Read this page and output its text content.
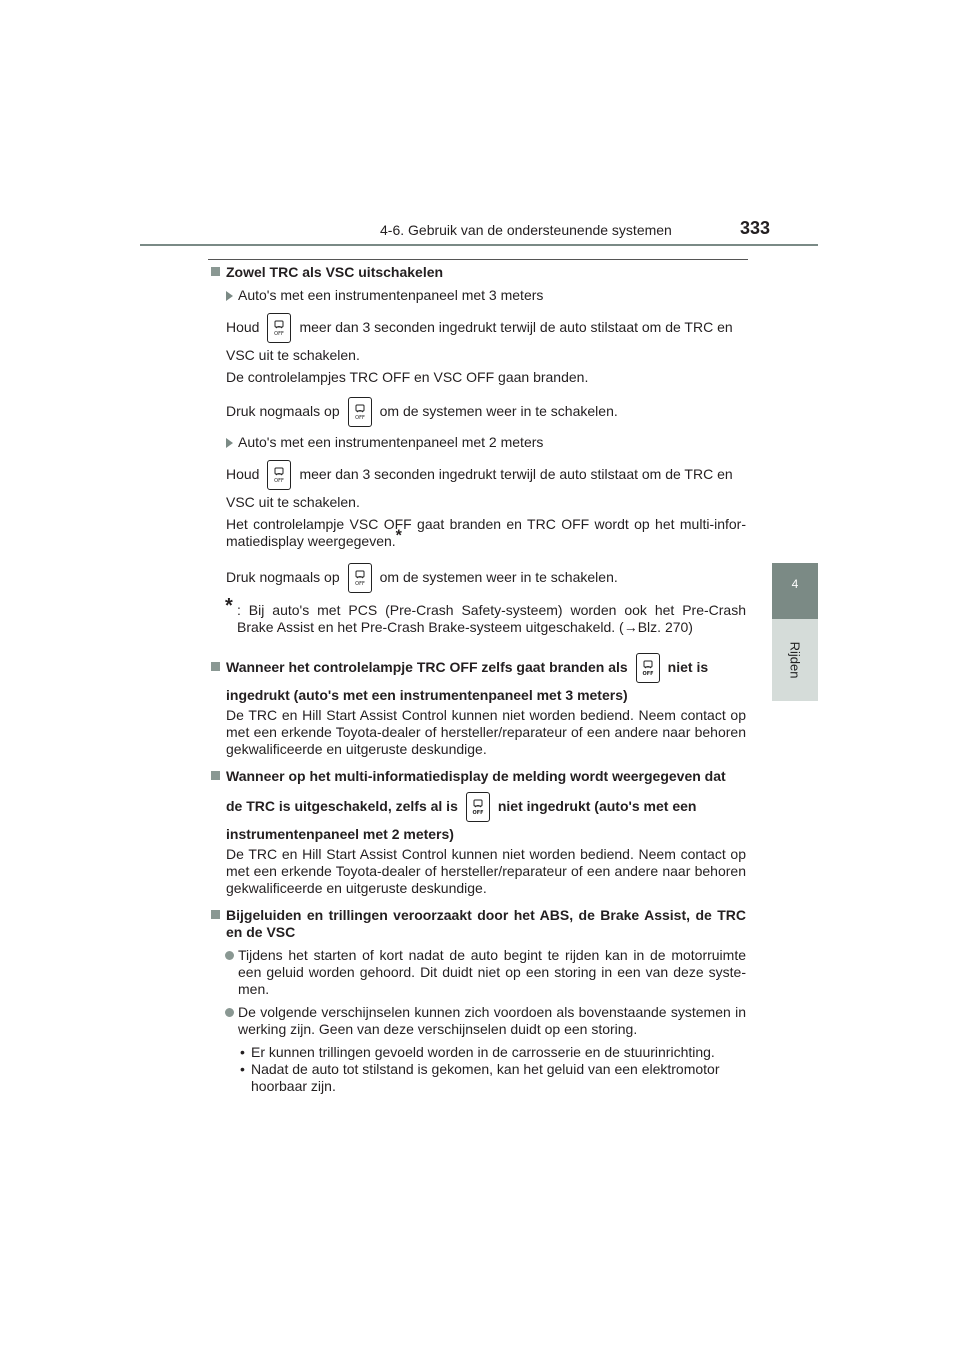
4-6. Gebruik van de ondersteunende systemen	333
4
Rijden

Zowel TRC als VSC uitschakelen

Auto's met een instrumentenpaneel met 3 meters

Houd	OFF meer dan 3 seconden ingedrukt terwijl de auto stilstaat om de TRC en

VSC uit te schakelen.

De controlelampjes TRC OFF en VSC OFF gaan branden.

Druk nogmaals op	OFF om de systemen weer in te schakelen.

Auto's met een instrumentenpaneel met 2 meters

Houd	OFF meer dan 3 seconden ingedrukt terwijl de auto stilstaat om de TRC en

VSC uit te schakelen.

Het controlelampje VSC OFF gaat branden en TRC OFF wordt op het multi-infor-matiedisplay weergegeven.*

Druk nogmaals op	OFF om de systemen weer in te schakelen.

* : Bij auto's met PCS (Pre-Crash Safety-systeem) worden ook het Pre-Crash Brake Assist en het Pre-Crash Brake-systeem uitgeschakeld. (→Blz. 270)

Wanneer het controlelampje TRC OFF zelfs gaat branden als	OFF niet is

ingedrukt (auto's met een instrumentenpaneel met 3 meters)

De TRC en Hill Start Assist Control kunnen niet worden bediend. Neem contact op met een erkende Toyota-dealer of hersteller/reparateur of een andere naar behoren gekwalificeerde en uitgeruste deskundige.

Wanneer op het multi-informatiedisplay de melding wordt weergegeven dat

de TRC is uitgeschakeld, zelfs al is	OFF niet ingedrukt (auto's met een

instrumentenpaneel met 2 meters)

De TRC en Hill Start Assist Control kunnen niet worden bediend. Neem contact op met een erkende Toyota-dealer of hersteller/reparateur of een andere naar behoren gekwalificeerde en uitgeruste deskundige.

Bijgeluiden en trillingen veroorzaakt door het ABS, de Brake Assist, de TRC en de VSC

Tijdens het starten of kort nadat de auto begint te rijden kan in de motorruimte een geluid worden gehoord. Dit duidt niet op een storing in een van deze syste-men.

De volgende verschijnselen kunnen zich voordoen als bovenstaande systemen in werking zijn. Geen van deze verschijnselen duidt op een storing.

• Er kunnen trillingen gevoeld worden in de carrosserie en de stuurinrichting.

• Nadat de auto tot stilstand is gekomen, kan het geluid van een elektromotor hoorbaar zijn.
